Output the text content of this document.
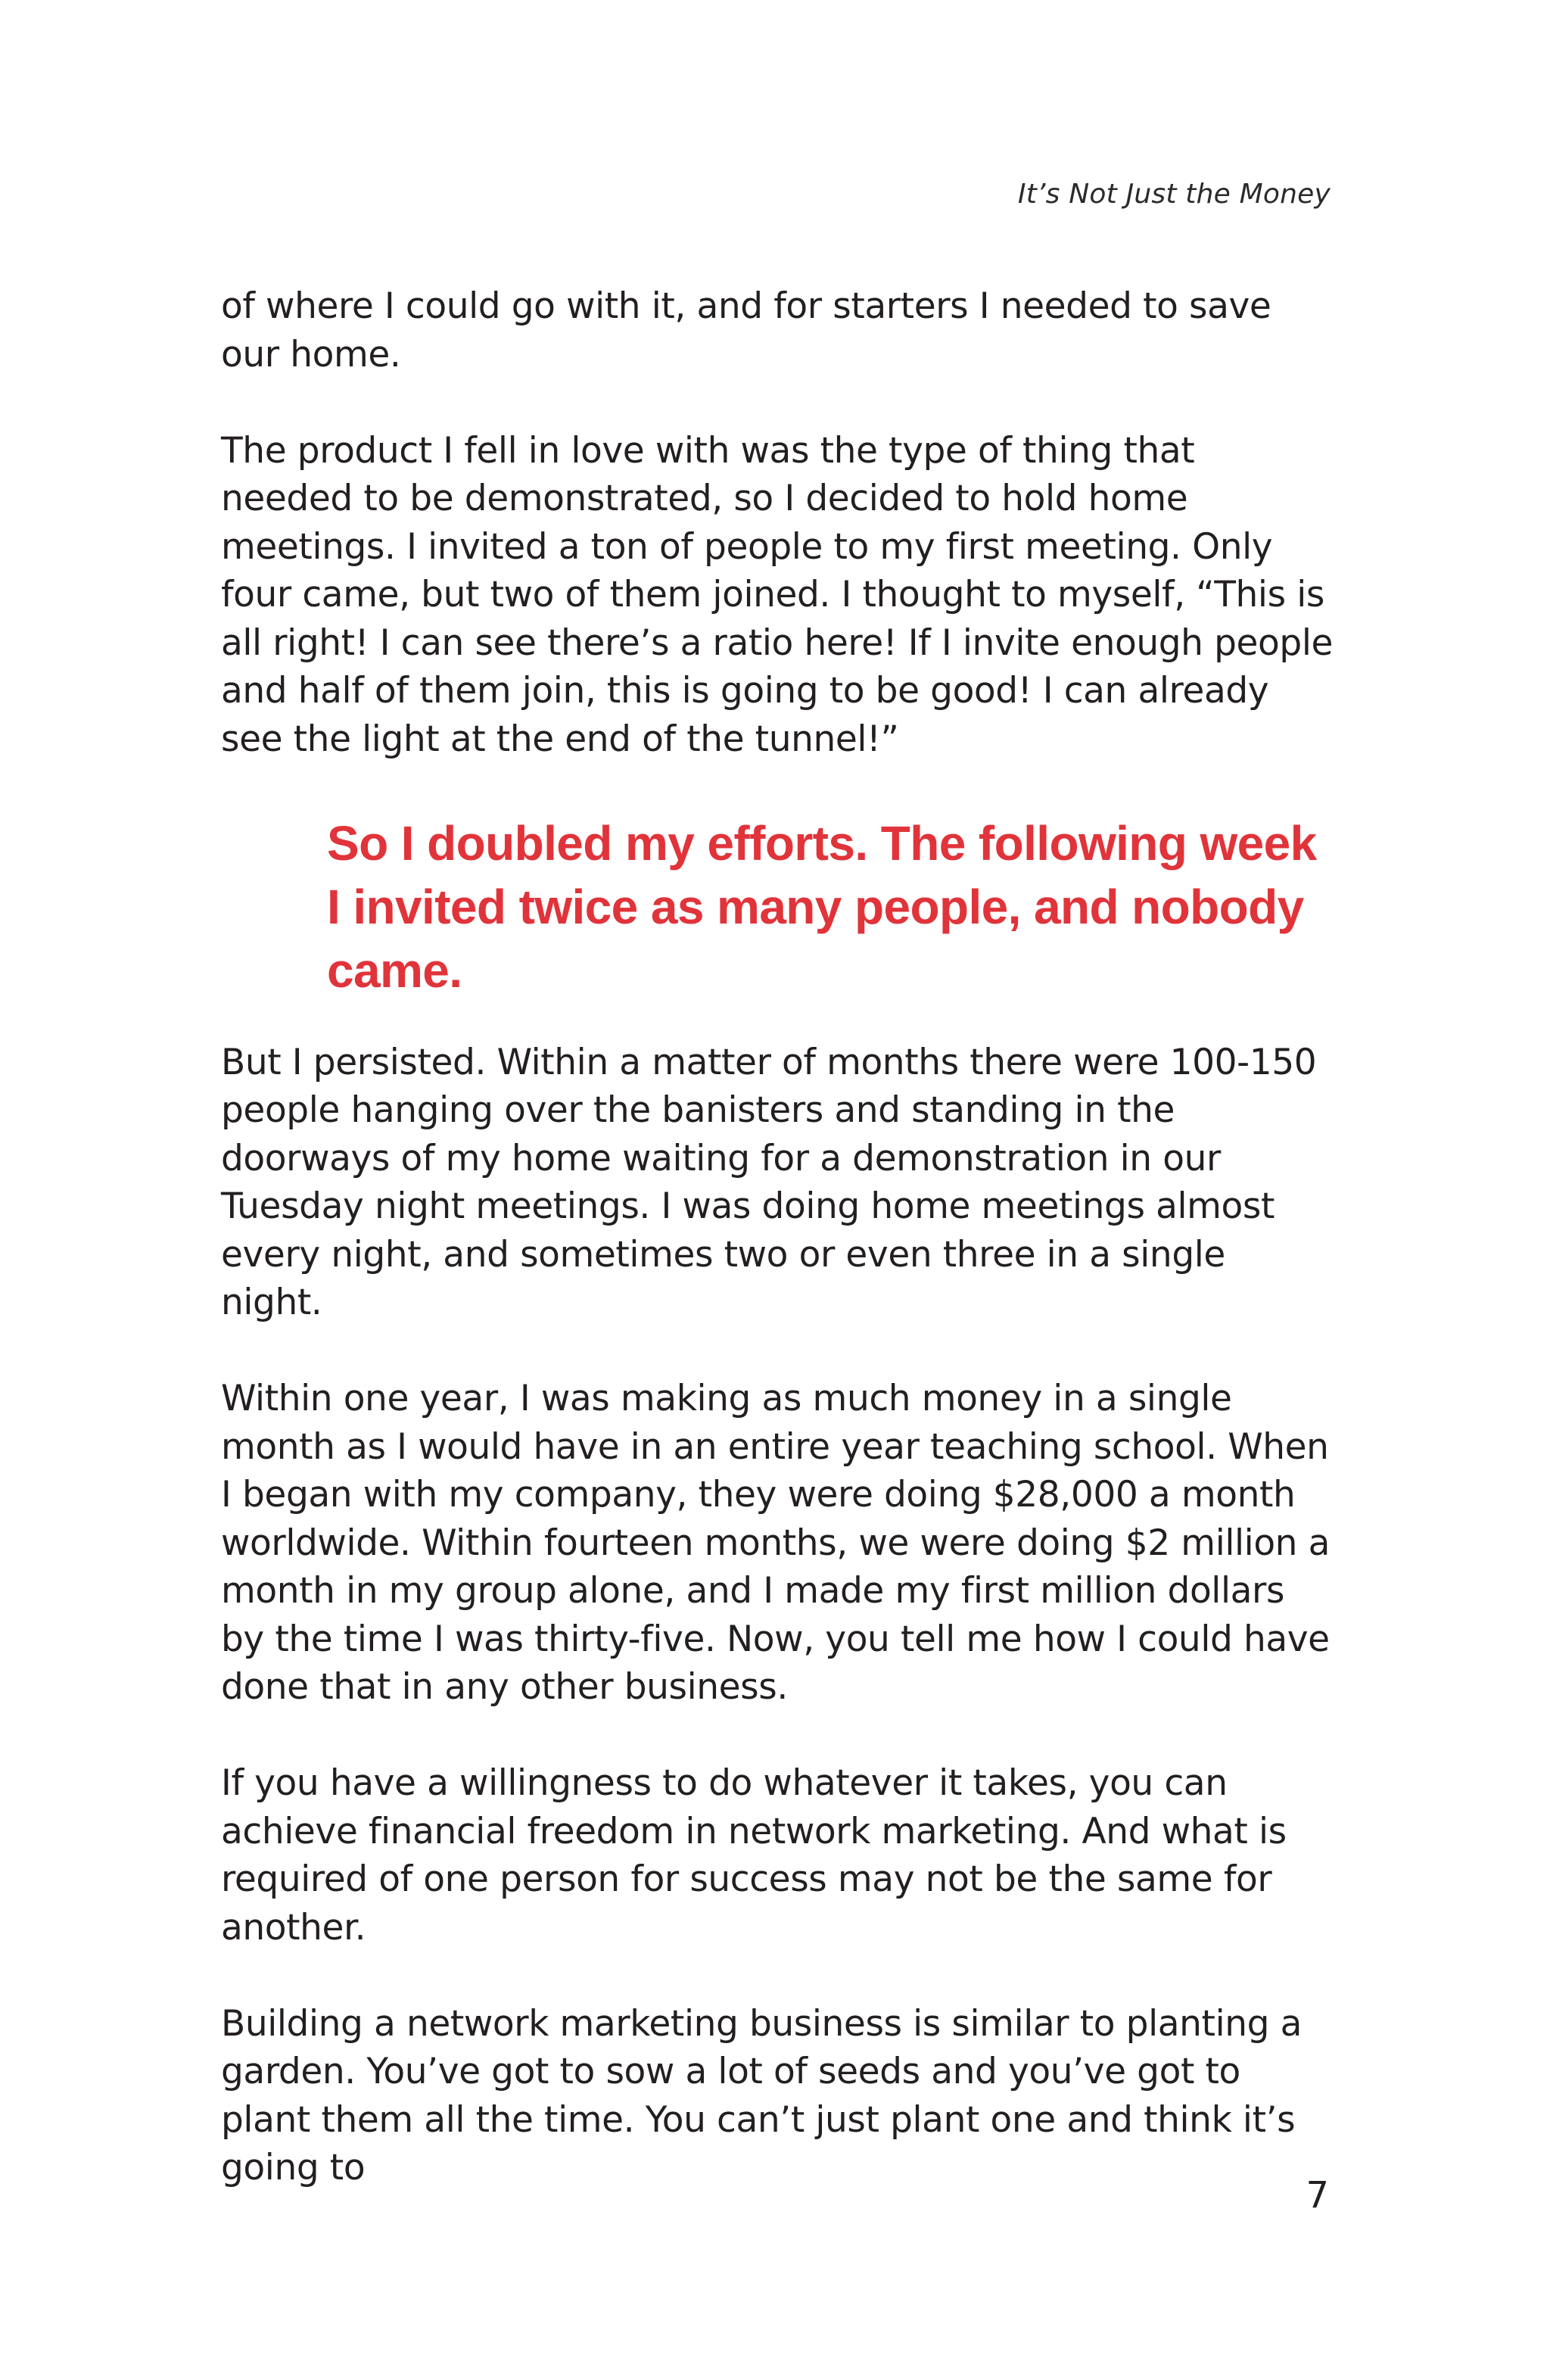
It’s Not Just the Money

of where I could go with it, and for starters I needed to save our home.

The product I fell in love with was the type of thing that needed to be demonstrated, so I decided to hold home meetings. I invited a ton of people to my first meeting. Only four came, but two of them joined. I thought to myself, “This is all right! I can see there’s a ratio here! If I invite enough people and half of them join, this is going to be good! I can already see the light at the end of the tunnel!”

So I doubled my efforts. The following week I invited twice as many people, and nobody came.

But I persisted. Within a matter of months there were 100-150 people hanging over the banisters and standing in the doorways of my home waiting for a demonstration in our Tuesday night meetings. I was doing home meetings almost every night, and sometimes two or even three in a single night.

Within one year, I was making as much money in a single month as I would have in an entire year teaching school. When I began with my company, they were doing $28,000 a month worldwide. Within fourteen months, we were doing $2 million a month in my group alone, and I made my first million dollars by the time I was thirty-five. Now, you tell me how I could have done that in any other business.

If you have a willingness to do whatever it takes, you can achieve financial freedom in network marketing. And what is required of one person for success may not be the same for another.

Building a network marketing business is similar to planting a garden. You’ve got to sow a lot of seeds and you’ve got to plant them all the time. You can’t just plant one and think it’s going to

7
